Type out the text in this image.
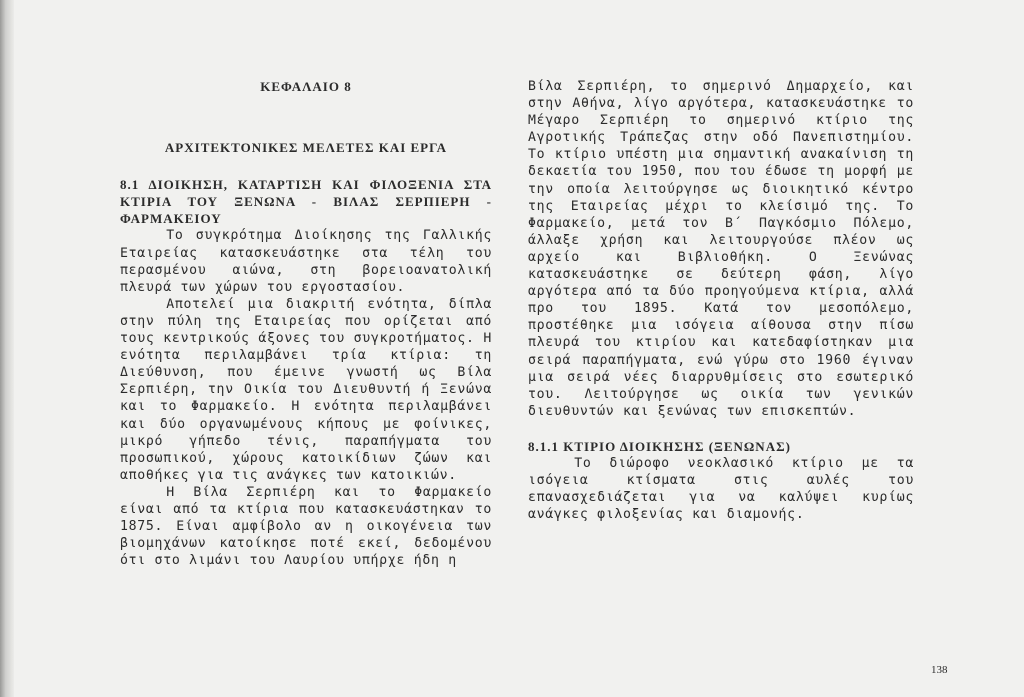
ΚΕΦΑΛΑΙΟ 8
ΑΡΧΙΤΕΚΤΟΝΙΚΕΣ ΜΕΛΕΤΕΣ ΚΑΙ ΕΡΓΑ
8.1 ΔΙΟΙΚΗΣΗ, ΚΑΤΑΡΤΙΣΗ ΚΑΙ ΦΙΛΟΞΕΝΙΑ ΣΤΑ ΚΤΙΡΙΑ ΤΟΥ ΞΕΝΩΝΑ - ΒΙΛΑΣ ΣΕΡΠΙΕΡΗ - ΦΑΡΜΑΚΕΙΟΥ

Το συγκρότημα Διοίκησης της Γαλλικής Εταιρείας κατασκευάστηκε στα τέλη του περασμένου αιώνα, στη βορειοανατολική πλευρά των χώρων του εργοστασίου.

Αποτελεί μια διακριτή ενότητα, δίπλα στην πύλη της Εταιρείας που ορίζεται από τους κεντρικούς άξονες του συγκροτήματος. Η ενότητα περιλαμβάνει τρία κτίρια: τη Διεύθυνση, που έμεινε γνωστή ως Βίλα Σερπιέρη, την Οικία του Διευθυντή ή Ξενώνα και το Φαρμακείο. Η ενότητα περιλαμβάνει και δύο οργανωμένους κήπους με φοίνικες, μικρό γήπεδο τένις, παραπήγματα του προσωπικού, χώρους κατοικίδιων ζώων και αποθήκες για τις ανάγκες των κατοικιών.

Η Βίλα Σερπιέρη και το Φαρμακείο είναι από τα κτίρια που κατασκευάστηκαν το 1875. Είναι αμφίβολο αν η οικογένεια των βιομηχάνων κατοίκησε ποτέ εκεί, δεδομένου ότι στο λιμάνι του Λαυρίου υπήρχε ήδη η

Βίλα Σερπιέρη, το σημερινό Δημαρχείο, και στην Αθήνα, λίγο αργότερα, κατασκευάστηκε το Μέγαρο Σερπιέρη το σημερινό κτίριο της Αγροτικής Τράπεζας στην οδό Πανεπιστημίου. Το κτίριο υπέστη μια σημαντική ανακαίνιση τη δεκαετία του 1950, που του έδωσε τη μορφή με την οποία λειτούργησε ως διοικητικό κέντρο της Εταιρείας μέχρι το κλείσιμό της. Το Φαρμακείο, μετά τον Β΄ Παγκόσμιο Πόλεμο, άλλαξε χρήση και λειτουργούσε πλέον ως αρχείο και Βιβλιοθήκη. Ο Ξενώνας κατασκευάστηκε σε δεύτερη φάση, λίγο αργότερα από τα δύο προηγούμενα κτίρια, αλλά προ του 1895. Κατά τον μεσοπόλεμο, προστέθηκε μια ισόγεια αίθουσα στην πίσω πλευρά του κτιρίου και κατεδαφίστηκαν μια σειρά παραπήγματα, ενώ γύρω στο 1960 έγιναν μια σειρά νέες διαρρυθμίσεις στο εσωτερικό του. Λειτούργησε ως οικία των γενικών διευθυντών και ξενώνας των επισκεπτών.

8.1.1 ΚΤΙΡΙΟ ΔΙΟΙΚΗΣΗΣ (ΞΕΝΩΝΑΣ)

Το διώροφο νεοκλασικό κτίριο με τα ισόγεια κτίσματα στις αυλές του επανασχεδιάζεται για να καλύψει κυρίως ανάγκες φιλοξενίας και διαμονής.

138
